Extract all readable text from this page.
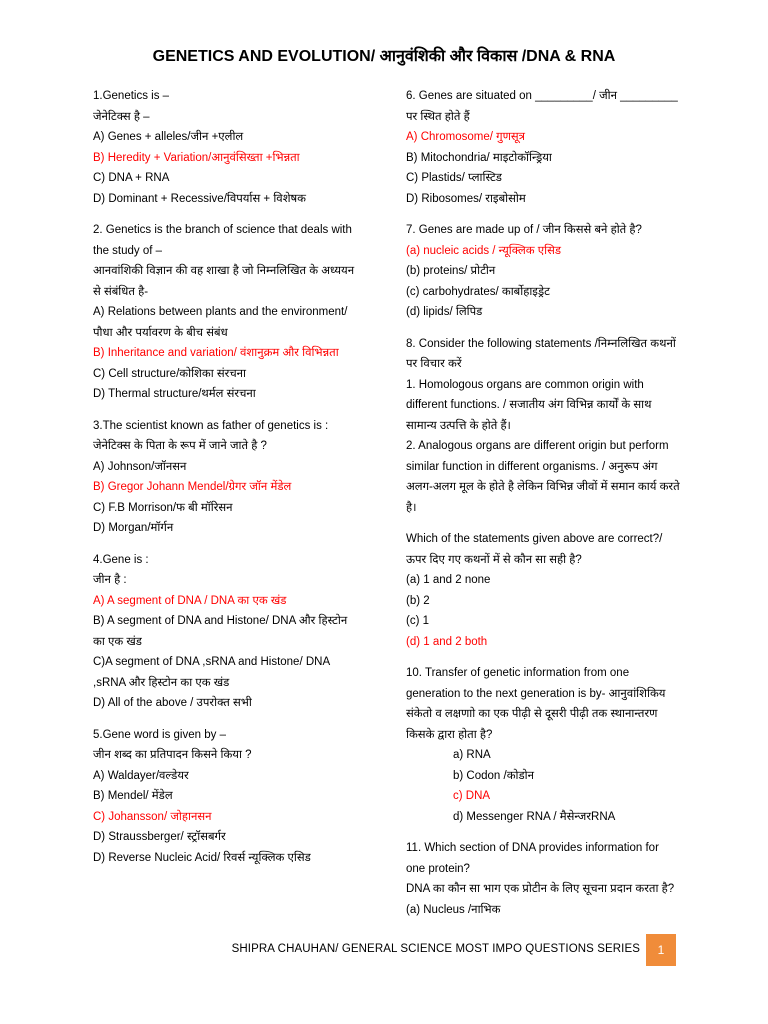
GENETICS AND EVOLUTION/ आनुवंशिकी और विकास /DNA & RNA
1.Genetics is –
जेनेटिक्स है –
A) Genes + alleles/जीन +एलील
B) Heredity + Variation/आनुवंसिख्ता +भिन्नता
C) DNA + RNA
D) Dominant + Recessive/विपर्यास + विशेषक
2. Genetics is the branch of science that deals with the study of –
आनवांशिकी विज्ञान की वह शाखा है जो निम्नलिखित के अध्ययन से संबंधित है-
A) Relations between plants and the environment/पौधा और पर्यावरण के बीच संबंध
B) Inheritance and variation/ वंशानुक्रम और विभिन्नता
C) Cell structure/कोशिका संरचना
D) Thermal structure/थर्मल संरचना
3.The scientist known as father of genetics is :
जेनेटिक्स के पिता के रूप में जाने जाते है ?
A) Johnson/जॉनसन
B) Gregor Johann Mendel/ग्रेगर जॉन मेंडेल
C) F.B Morrison/फ बी मॉरिसन
D) Morgan/मॉर्गन
4.Gene is :
जीन है :
A) A segment of DNA / DNA का एक खंड
B) A segment of DNA and Histone/ DNA और हिस्टोन का एक खंड
C)A segment of DNA ,sRNA and Histone/ DNA ,sRNA और हिस्टोन का एक खंड
D) All of the above / उपरोक्त सभी
5.Gene word is given by –
जीन शब्द का प्रतिपादन किसने किया ?
A) Waldayer/वल्डेयर
B) Mendel/ मेंडेल
C) Johansson/ जोहानसन
D) Straussberger/ स्ट्रॉसबर्गर
D) Reverse Nucleic Acid/ रिवर्स न्यूक्लिक एसिड
6. Genes are situated on _________/ जीन _________ पर स्थित होते हैं
A) Chromosome/ गुणसूत्र
B) Mitochondria/ माइटोकॉन्ड्रिया
C) Plastids/ प्लास्टिड
D) Ribosomes/ राइबोसोम
7. Genes are made up of / जीन किससे बने होते है?
(a) nucleic acids / न्यूक्लिक एसिड
(b) proteins/ प्रोटीन
(c) carbohydrates/ कार्बोहाइड्रेट
(d) lipids/ लिपिड
8. Consider the following statements /निम्नलिखित कथनों पर विचार करें
1. Homologous organs are common origin with different functions. / सजातीय अंग विभिन्न कार्यों के साथ सामान्य उत्पत्ति के होते हैं।
2. Analogous organs are different origin but perform similar function in different organisms. / अनुरूप अंग अलग-अलग मूल के होते है लेकिन विभिन्न जीवों में समान कार्य करते है।
Which of the statements given above are correct?/ ऊपर दिए गए कथनों में से कौन सा सही है?
(a) 1 and 2 none
(b) 2
(c) 1
(d) 1 and 2 both
10. Transfer of genetic information from one generation to the next generation is by- आनुवांशिकिय संकेतो व लक्षणाो का एक पीढ़ी से दूसरी पीढ़ी तक स्थानान्तरण किसके द्वारा होता है?
a) RNA
b) Codon /कोडोन
c) DNA
d) Messenger RNA / मैसेन्जरRNA
11. Which section of DNA provides information for one protein?
DNA का कौन सा भाग एक प्रोटीन के लिए सूचना प्रदान करता है?
(a) Nucleus /नाभिक
SHIPRA CHAUHAN/ GENERAL SCIENCE MOST IMPO QUESTIONS SERIES	1
